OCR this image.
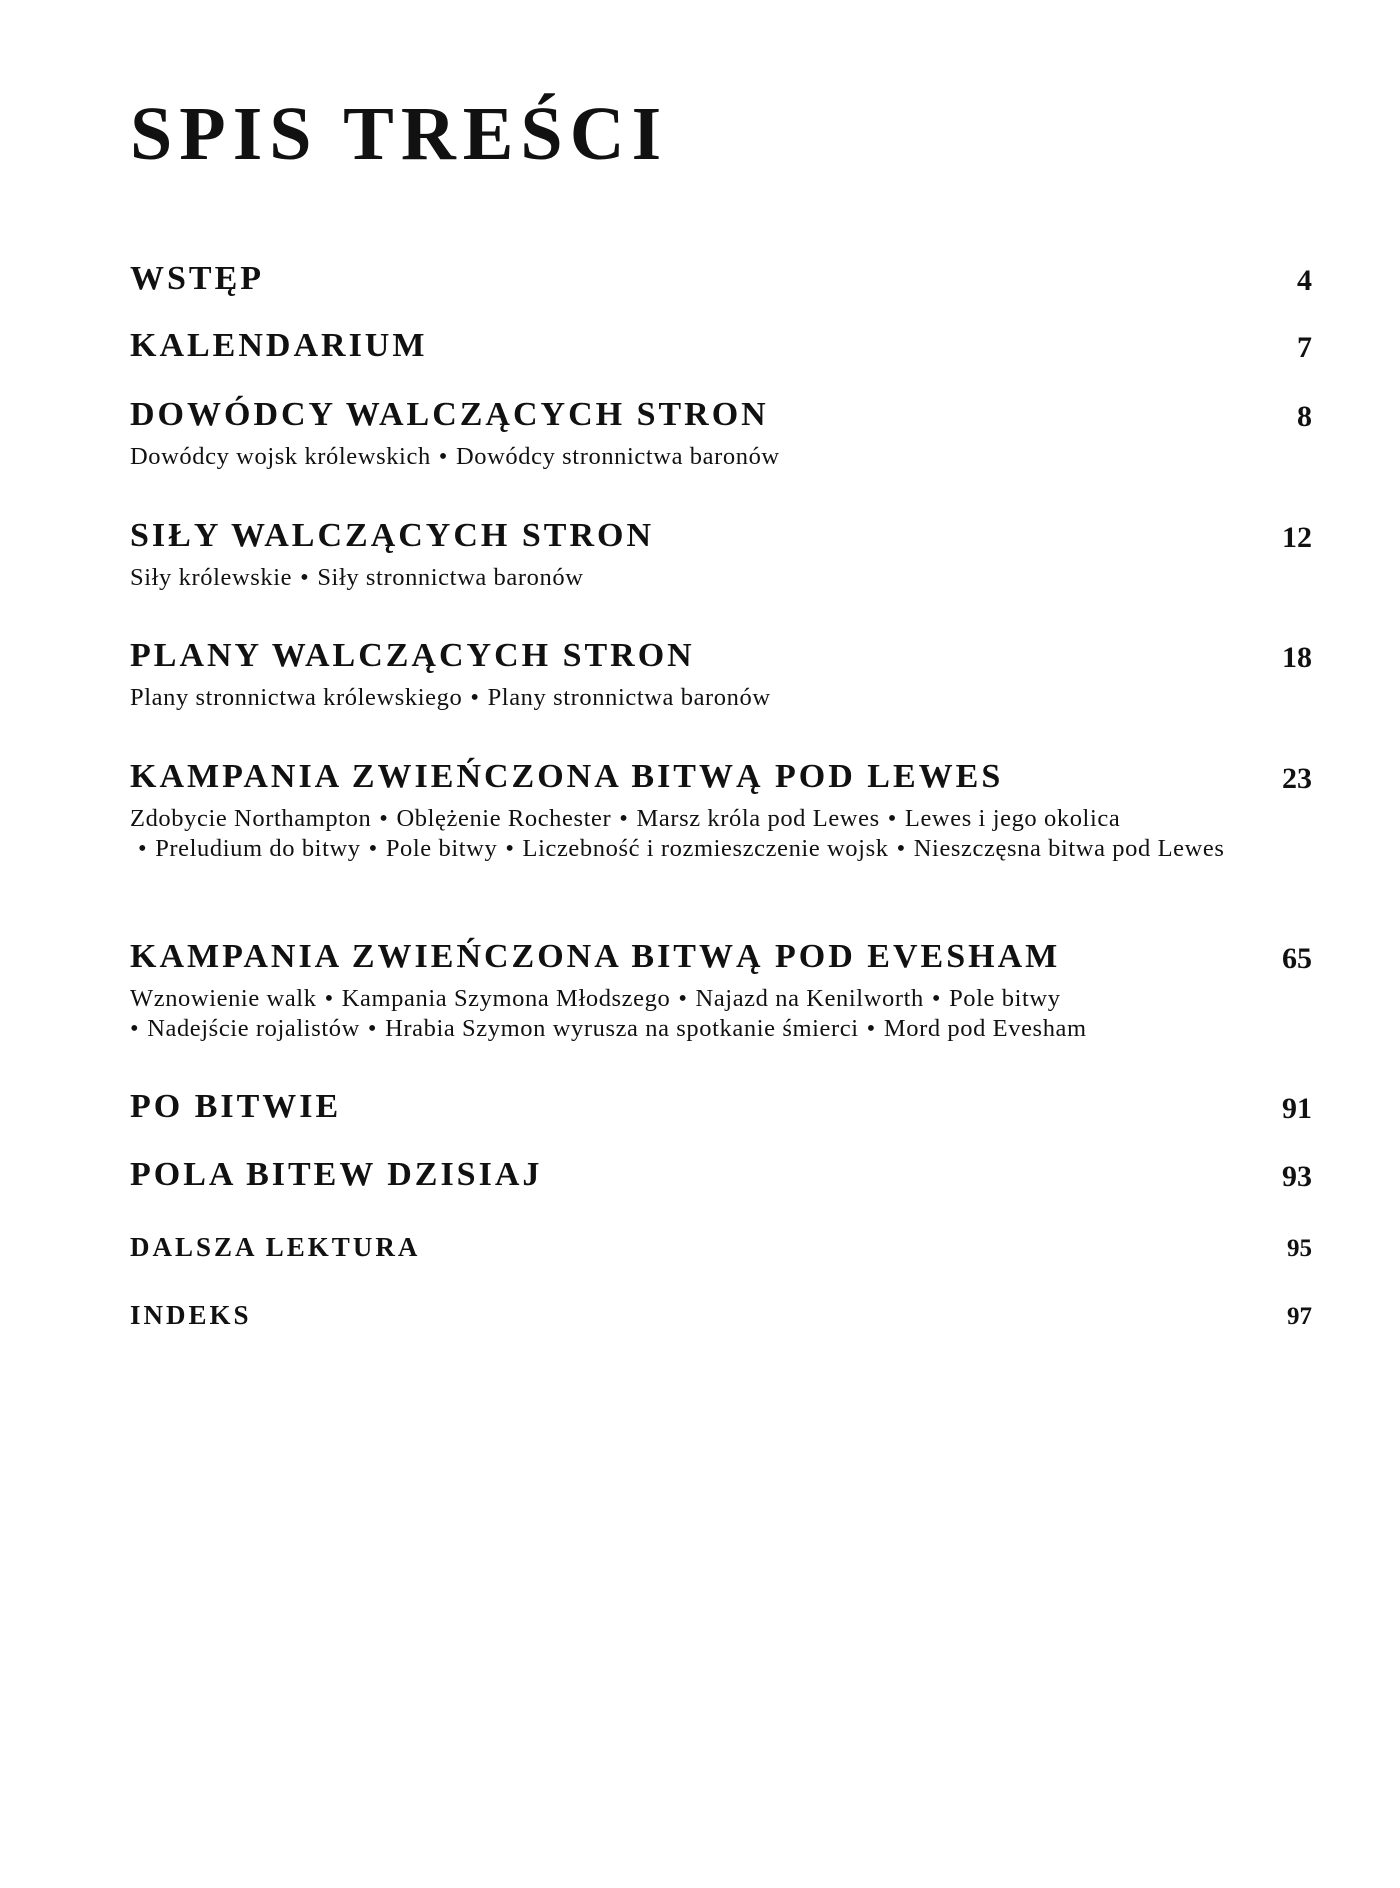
SPIS TREŚCI
WSTĘP	4
KALENDARIUM	7
DOWÓDCY WALCZĄCYCH STRON	8
Dowódcy wojsk królewskich • Dowódcy stronnictwa baronów
SIŁY WALCZĄCYCH STRON	12
Siły królewskie • Siły stronnictwa baronów
PLANY WALCZĄCYCH STRON	18
Plany stronnictwa królewskiego • Plany stronnictwa baronów
KAMPANIA ZWIEŃCZONA BITWĄ POD LEWES	23
Zdobycie Northampton • Oblężenie Rochester • Marsz króla pod Lewes • Lewes i jego okolica
• Preludium do bitwy • Pole bitwy • Liczebność i rozmieszczenie wojsk • Nieszczęsna bitwa pod Lewes
KAMPANIA ZWIEŃCZONA BITWĄ POD EVESHAM	65
Wznowienie walk • Kampania Szymona Młodszego • Najazd na Kenilworth • Pole bitwy
• Nadejście rojalistów • Hrabia Szymon wyrusza na spotkanie śmierci • Mord pod Evesham
PO BITWIE	91
POLA BITEW DZISIAJ	93
DALSZA LEKTURA	95
INDEKS	97
